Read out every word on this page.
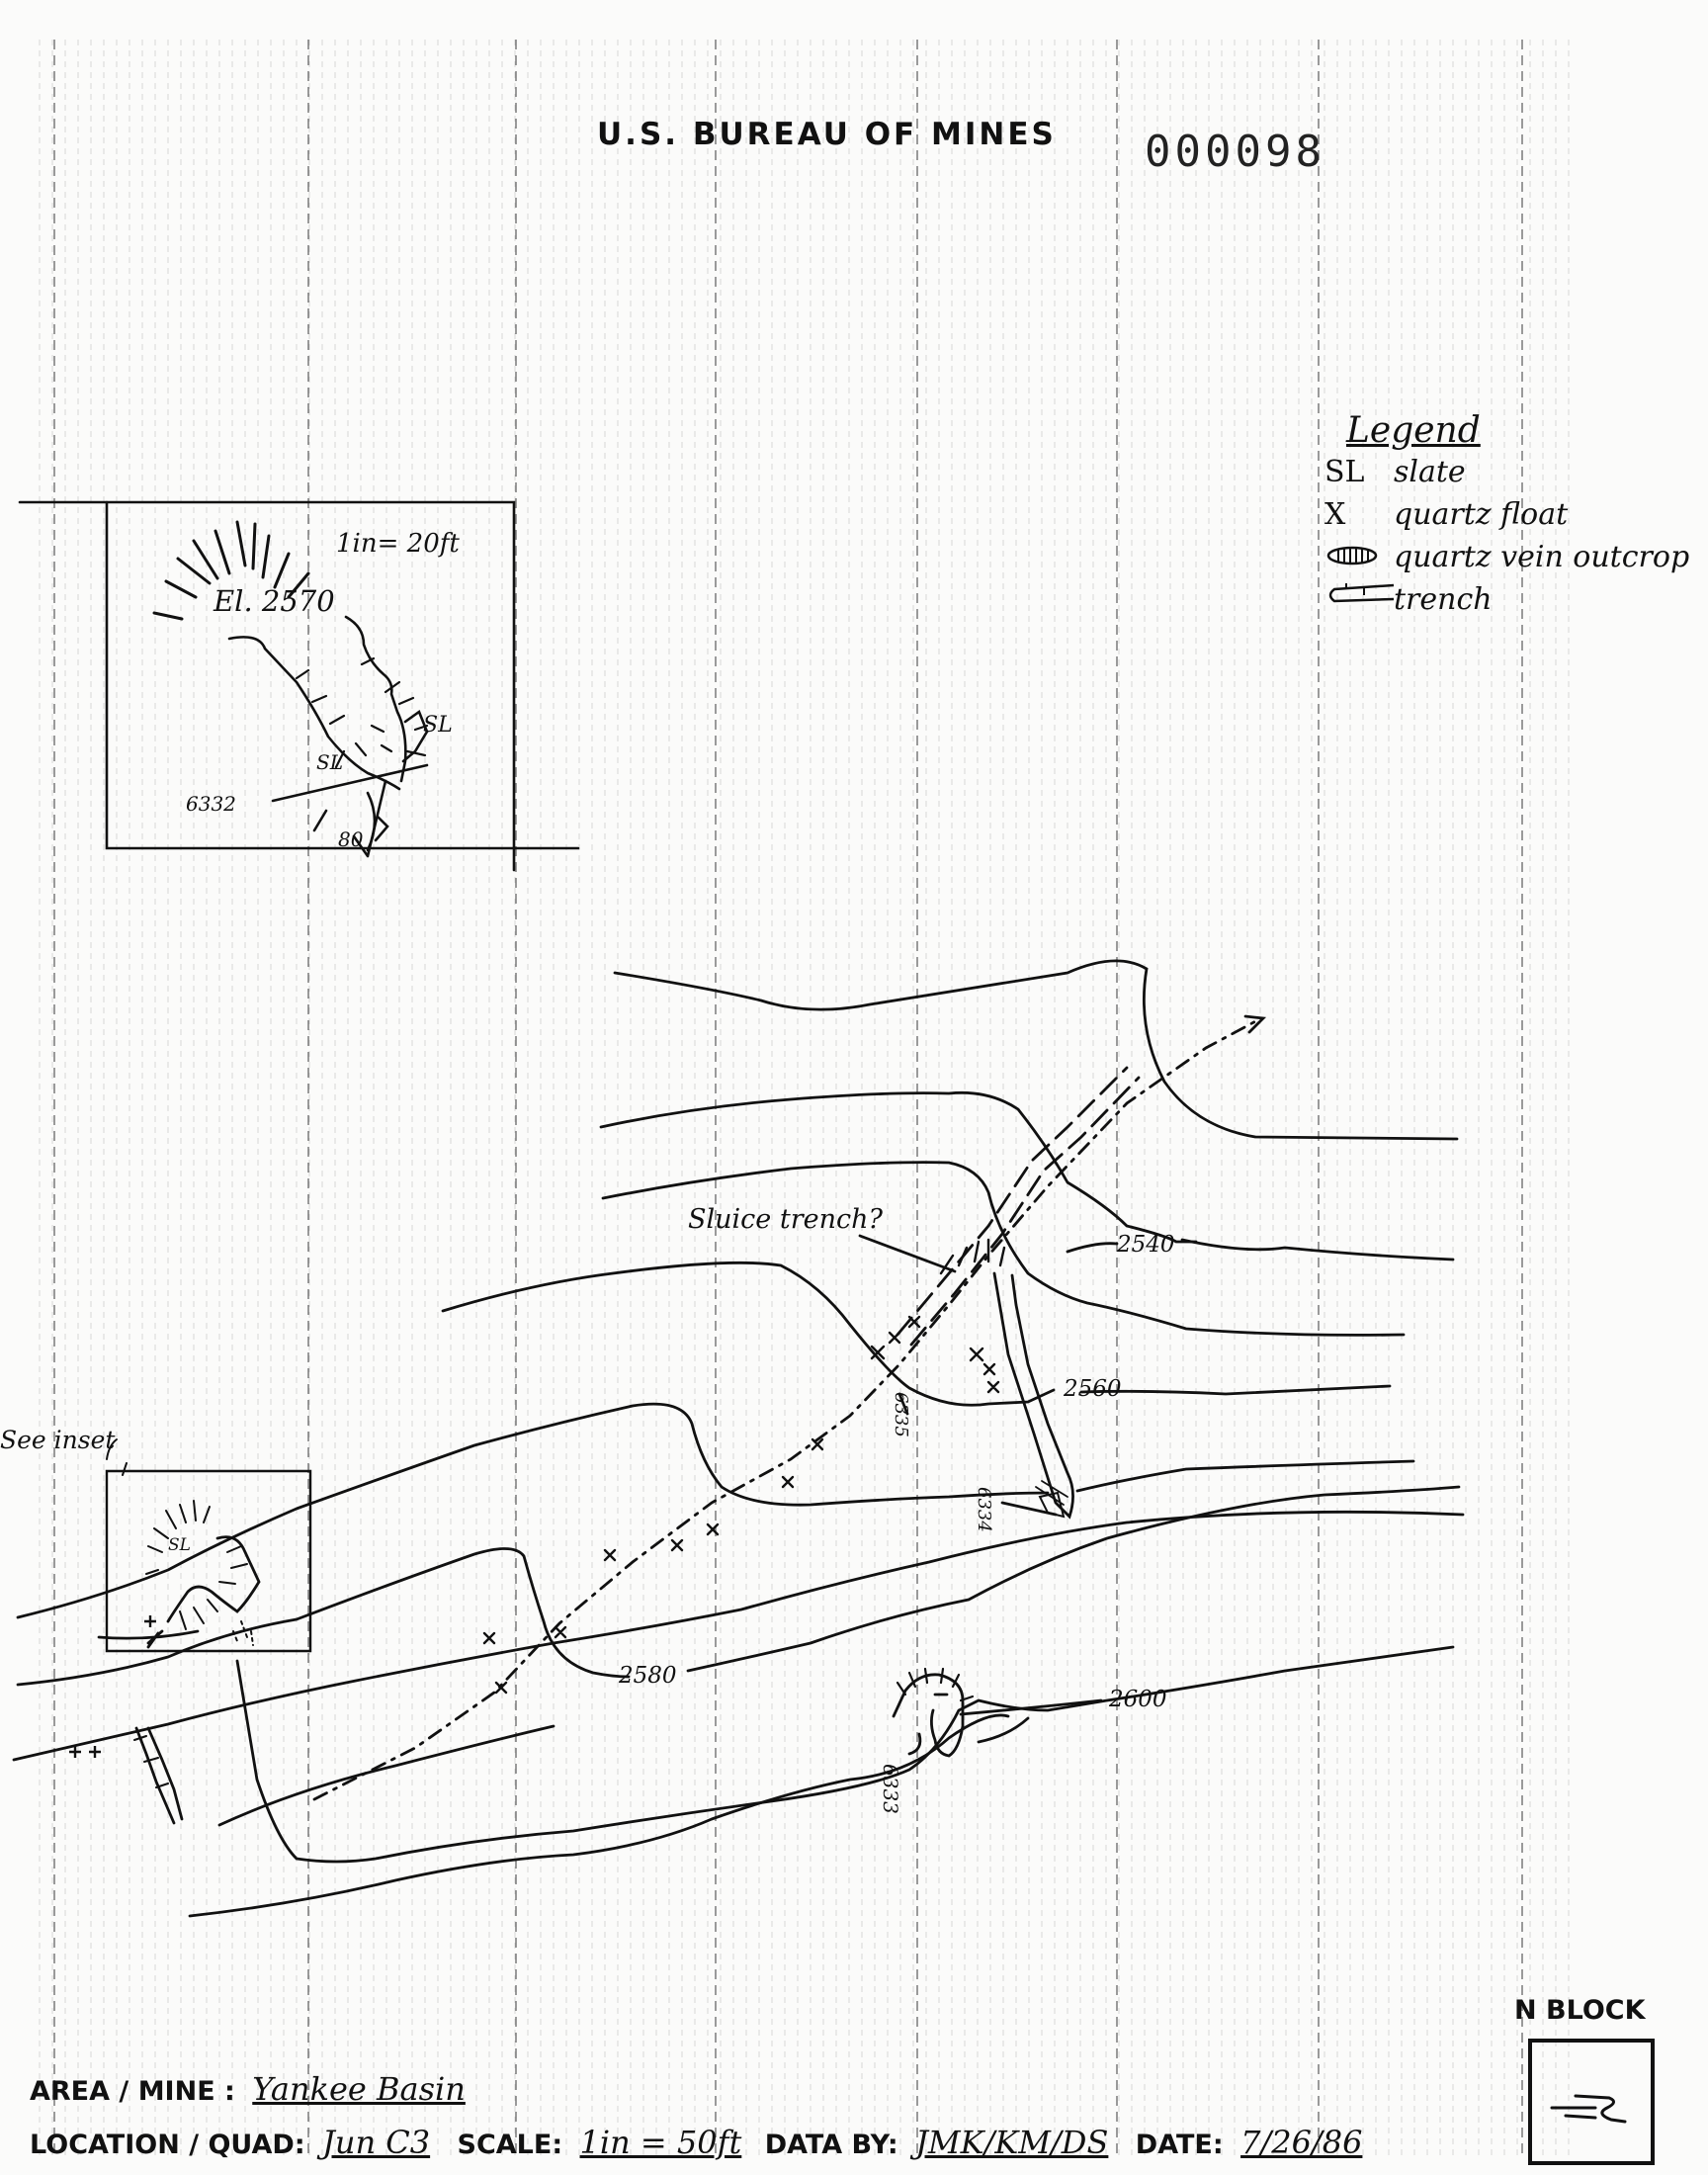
U.S. BUREAU OF MINES 000098
Legend
SL slate
X	quartz float
quartz vein outcrop
trench
El. 2570
1in= 20ft
SL
SL
6332
80
2540
2560
2580
2600
6335
6334
6333
SL
See inset
Sluice trench?
N BLOCK
AREA / MINE : Yankee Basin
LOCATION / QUAD: Jun C3 SCALE: 1in = 50ft DATA BY: JMK/KM/DS DATE: 7/26/86
